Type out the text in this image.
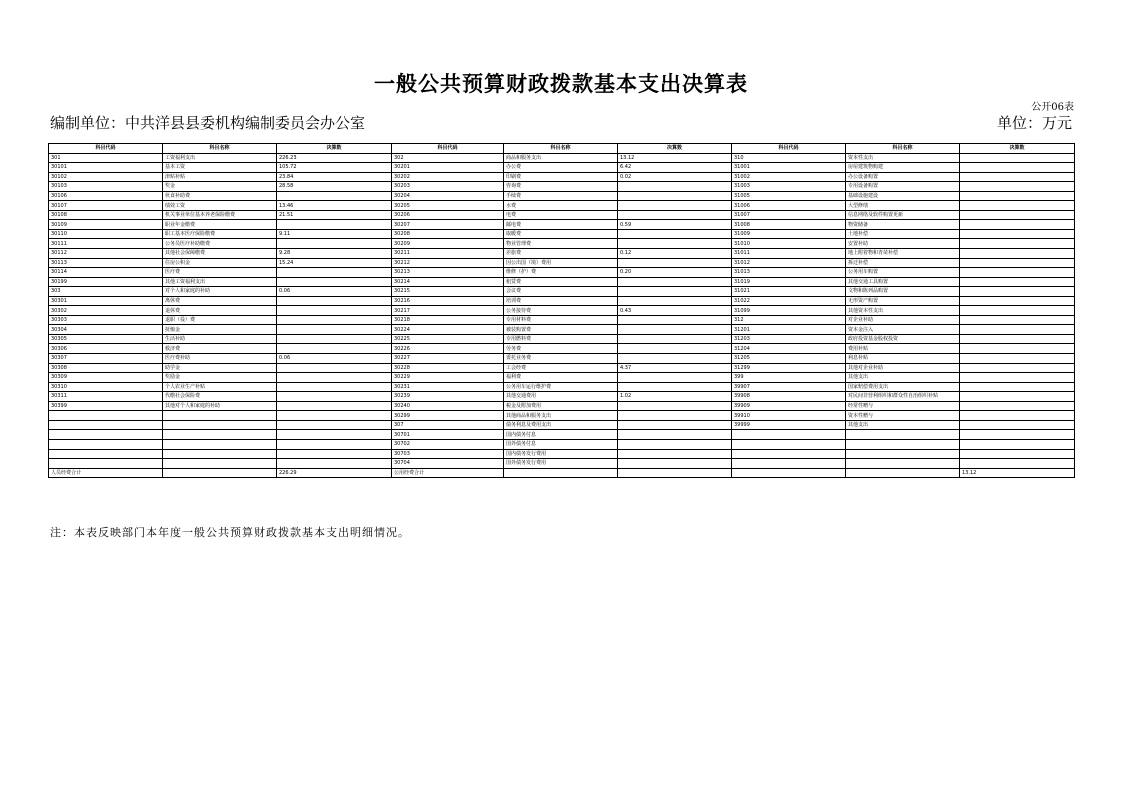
一般公共预算财政拨款基本支出决算表
公开06表
编制单位：中共洋县县委机构编制委员会办公室	单位：万元
科目代码	科目名称	决算数	科目代码	科目名称	决算数	科目代码	科目名称	决算数
301	工资福利支出	226.23	302	商品和服务支出	13.12	310	资本性支出	
30101	基本工资	105.72	30201	办公费	6.42	31001	房屋建筑物购建	
30102	津贴补贴	23.84	30202	印刷费	0.02	31002	办公设备购置	
30103	奖金	28.58	30203	咨询费		31003	专用设备购置	
30106	伙食补助费		30204	手续费		31005	基础设施建设	
30107	绩效工资	13.46	30205	水费		31006	大型修缮	
30108	机关事业单位基本养老保险缴费	21.51	30206	电费		31007	信息网络及软件购置更新	
30109	职业年金缴费		30207	邮电费	0.59	31008	物资储备	
30110	职工基本医疗保险缴费	9.11	30208	取暖费		31009	土地补偿	
30111	公务员医疗补助缴费		30209	物业管理费		31010	安置补助	
30112	其他社会保障缴费	9.28	30211	差旅费	0.12	31011	地上附着物和青苗补偿	
30113	住房公积金	15.24	30212	因公出国（境）费用		31012	拆迁补偿	
30114	医疗费		30213	维修（护）费	0.20	31013	公务用车购置	
30199	其他工资福利支出		30214	租赁费		31019	其他交通工具购置	
303	对个人和家庭的补助	0.06	30215	会议费		31021	文物和陈列品购置	
30301	离休费		30216	培训费		31022	无形资产购置	
30302	退休费		30217	公务接待费	0.43	31099	其他资本性支出	
30303	退职（役）费		30218	专用材料费		312	对企业补助	
30304	抚恤金		30224	被装购置费		31201	资本金注入	
30305	生活补助		30225	专用燃料费		31203	政府投资基金股权投资	
30306	救济费		30226	劳务费		31204	费用补贴	
30307	医疗费补助	0.06	30227	委托业务费		31205	利息补贴	
30308	助学金		30228	工会经费	4.37	31299	其他对企业补助	
30309	奖励金		30229	福利费		399	其他支出	
30310	个人农业生产补贴		30231	公务用车运行维护费		39907	国家赔偿费用支出	
30311	代缴社会保险费		30239	其他交通费用	1.02	39908	对民间非营利组织和群众性自治组织补贴	
30399	其他对个人和家庭的补助		30240	税金及附加费用		39909	经常性赠与	
			30299	其他商品和服务支出		39910	资本性赠与	
			307	债务利息及费用支出		39999	其他支出	
			30701	国内债务付息				
			30702	国外债务付息				
			30703	国内债务发行费用				
			30704	国外债务发行费用				
人员经费合计		226.29	公用经费合计					13.12
注：本表反映部门本年度一般公共预算财政拨款基本支出明细情况。
